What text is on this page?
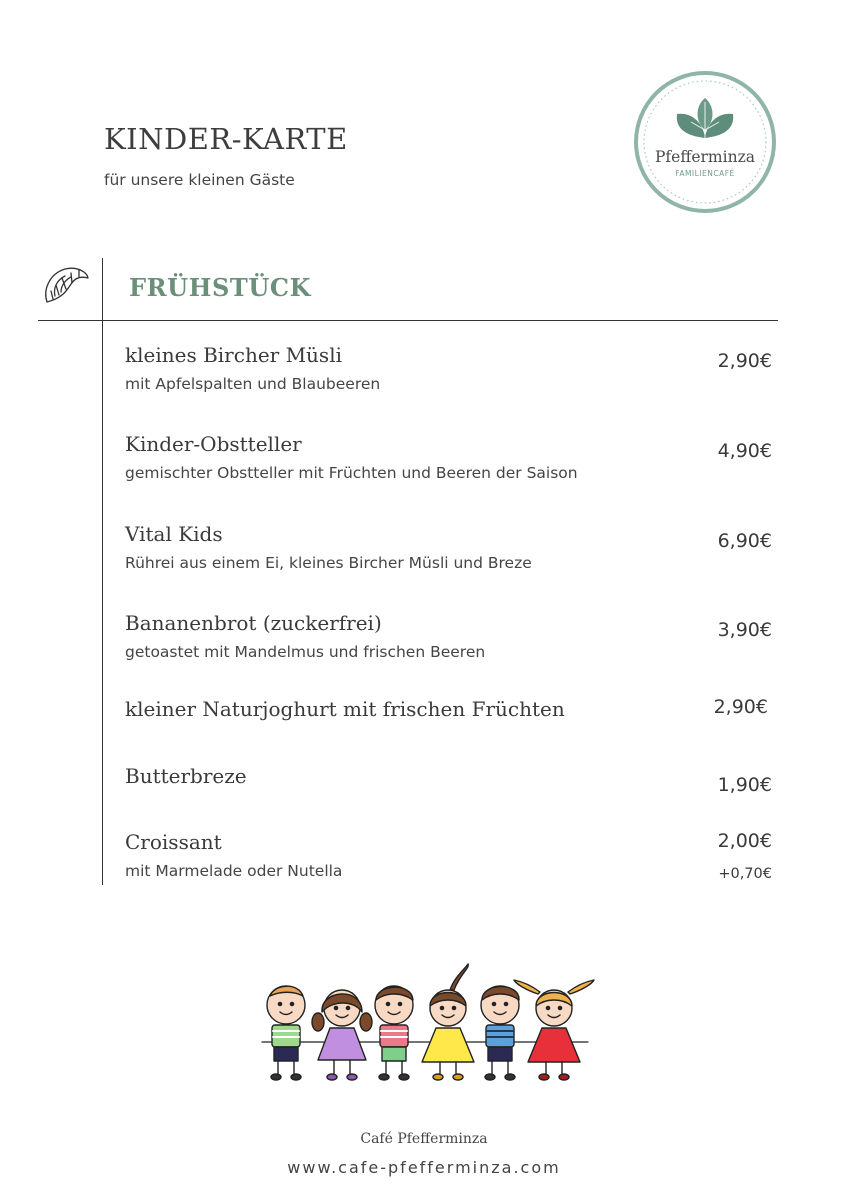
KINDER-KARTE
für unsere kleinen Gäste
Pfefferminza
FAMILIENCAFÉ
FRÜHSTÜCK
kleines Bircher Müsli
mit Apfelspalten und Blaubeeren
2,90€
Kinder-Obstteller
gemischter Obstteller mit Früchten und Beeren der Saison
4,90€
Vital Kids
Rührei aus einem Ei, kleines Bircher Müsli und Breze
6,90€
Bananenbrot (zuckerfrei)
getoastet mit Mandelmus und frischen Beeren
3,90€
kleiner Naturjoghurt mit frischen Früchten	2,90€
Butterbreze	1,90€
Croissant
mit Marmelade oder Nutella
2,00€
+0,70€
Café Pfefferminza
www.cafe-pfefferminza.com
